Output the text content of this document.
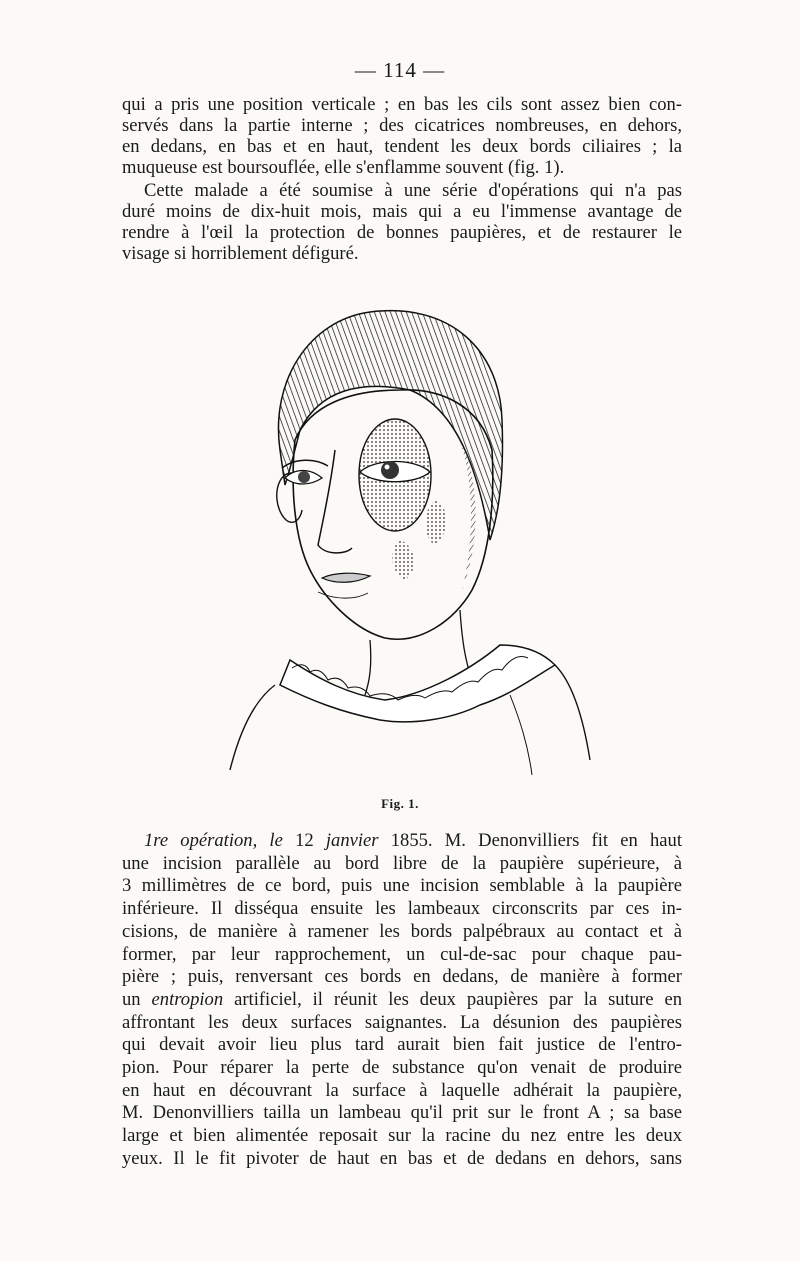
— 114 —

qui a pris une position verticale ; en bas les cils sont assez bien con-
servés dans la partie interne ; des cicatrices nombreuses, en dehors,
en dedans, en bas et en haut, tendent les deux bords ciliaires ; la
muqueuse est boursouflée, elle s'enflamme souvent (fig. 1).

Cette malade a été soumise à une série d'opérations qui n'a pas
duré moins de dix-huit mois, mais qui a eu l'immense avantage de
rendre à l'œil la protection de bonnes paupières, et de restaurer le
visage si horriblement défiguré.

Fig. 1.

1re opération, le 12 janvier 1855. M. Denonvilliers fit en haut
une incision parallèle au bord libre de la paupière supérieure, à
3 millimètres de ce bord, puis une incision semblable à la paupière
inférieure. Il disséqua ensuite les lambeaux circonscrits par ces in-
cisions, de manière à ramener les bords palpébraux au contact et à
former, par leur rapprochement, un cul-de-sac pour chaque pau-
pière ; puis, renversant ces bords en dedans, de manière à former
un entropion artificiel, il réunit les deux paupières par la suture en
affrontant les deux surfaces saignantes. La désunion des paupières
qui devait avoir lieu plus tard aurait bien fait justice de l'entro-
pion. Pour réparer la perte de substance qu'on venait de produire
en haut en découvrant la surface à laquelle adhérait la paupière,
M. Denonvilliers tailla un lambeau qu'il prit sur le front A ; sa base
large et bien alimentée reposait sur la racine du nez entre les deux
yeux. Il le fit pivoter de haut en bas et de dedans en dehors, sans
